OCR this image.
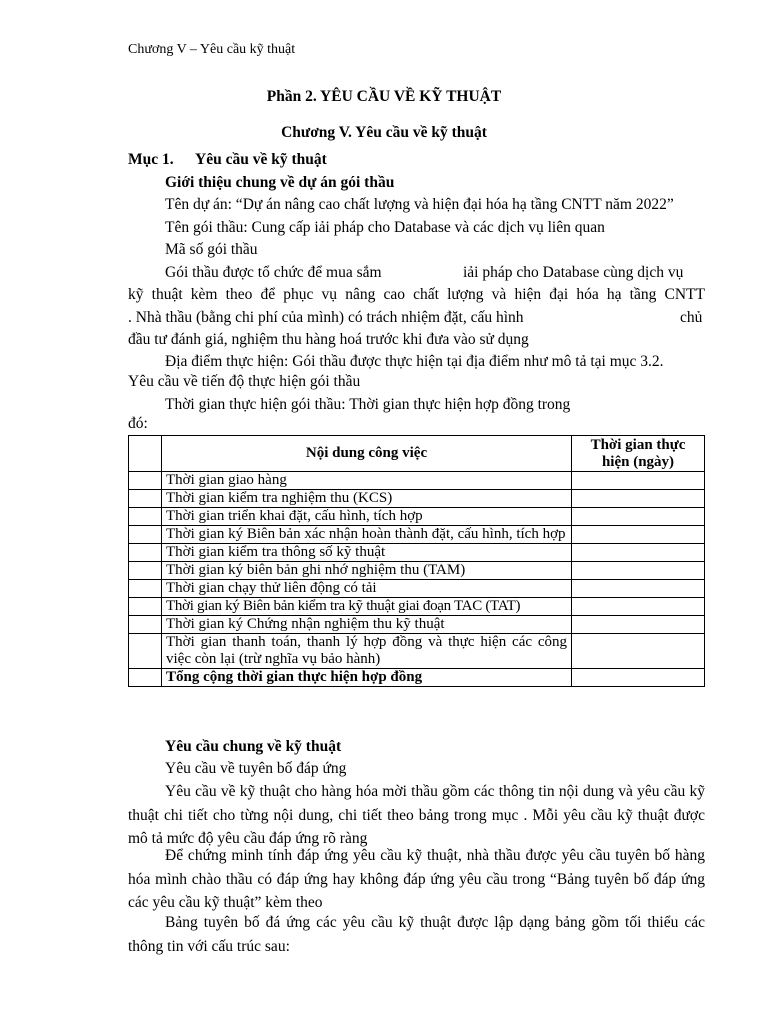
Chương V – Yêu cầu kỹ thuật
Phần 2. YÊU CẦU VỀ KỸ THUẬT
Chương V. Yêu cầu về kỹ thuật
Mục 1. Yêu cầu về kỹ thuật
Giới thiệu chung về dự án gói thầu
Tên dự án: “Dự án nâng cao chất lượng và hiện đại hóa hạ tầng CNTT năm 2022”
Tên gói thầu: Cung cấp iải pháp cho Database và các dịch vụ liên quan
Mã số gói thầu
Gói thầu được tổ chức để mua sắm	iải pháp cho Database cùng dịch vụ
kỹ thuật kèm theo để phục vụ nâng cao chất lượng và hiện đại hóa hạ tầng CNTT
. Nhà thầu (bằng chi phí của mình) có trách nhiệm đặt, cấu hình	chủ
đầu tư đánh giá, nghiệm thu hàng hoá trước khi đưa vào sử dụng
Địa điểm thực hiện: Gói thầu được thực hiện tại địa điểm như mô tả tại mục 3.2.
Yêu cầu về tiến độ thực hiện gói thầu
Thời gian thực hiện gói thầu: Thời gian thực hiện hợp đồng trong
đó:
	Nội dung công việc	Thời gian thực
hiện (ngày)
	Thời gian giao hàng	
	Thời gian kiểm tra nghiệm thu (KCS)	
	Thời gian triển khai đặt, cấu hình, tích hợp	
	Thời gian ký Biên bản xác nhận hoàn thành đặt, cấu hình, tích hợp	
	Thời gian kiểm tra thông số kỹ thuật	
	Thời gian ký biên bản ghi nhớ nghiệm thu (TAM)	
	Thời gian chạy thử liên động có tải	
	Thời gian ký Biên bản kiểm tra kỹ thuật giai đoạn TAC (TAT)	
	Thời gian ký Chứng nhận nghiệm thu kỹ thuật	
	Thời gian thanh toán, thanh lý hợp đồng và thực hiện các công việc còn lại (trừ nghĩa vụ bảo hành)	
	Tổng cộng thời gian thực hiện hợp đồng	
Yêu cầu chung về kỹ thuật
Yêu cầu về tuyên bố đáp ứng
Yêu cầu về kỹ thuật cho hàng hóa mời thầu gồm các thông tin nội dung và yêu cầu kỹ thuật chi tiết cho từng nội dung, chi tiết theo bảng trong mục . Mỗi yêu cầu kỹ thuật được mô tả mức độ yêu cầu đáp ứng rõ ràng
Để chứng minh tính đáp ứng yêu cầu kỹ thuật, nhà thầu được yêu cầu tuyên bố hàng hóa mình chào thầu có đáp ứng hay không đáp ứng yêu cầu trong “Bảng tuyên bố đáp ứng các yêu cầu kỹ thuật” kèm theo
Bảng tuyên bố đá ứng các yêu cầu kỹ thuật được lập dạng bảng gồm tối thiểu các thông tin với cấu trúc sau:
